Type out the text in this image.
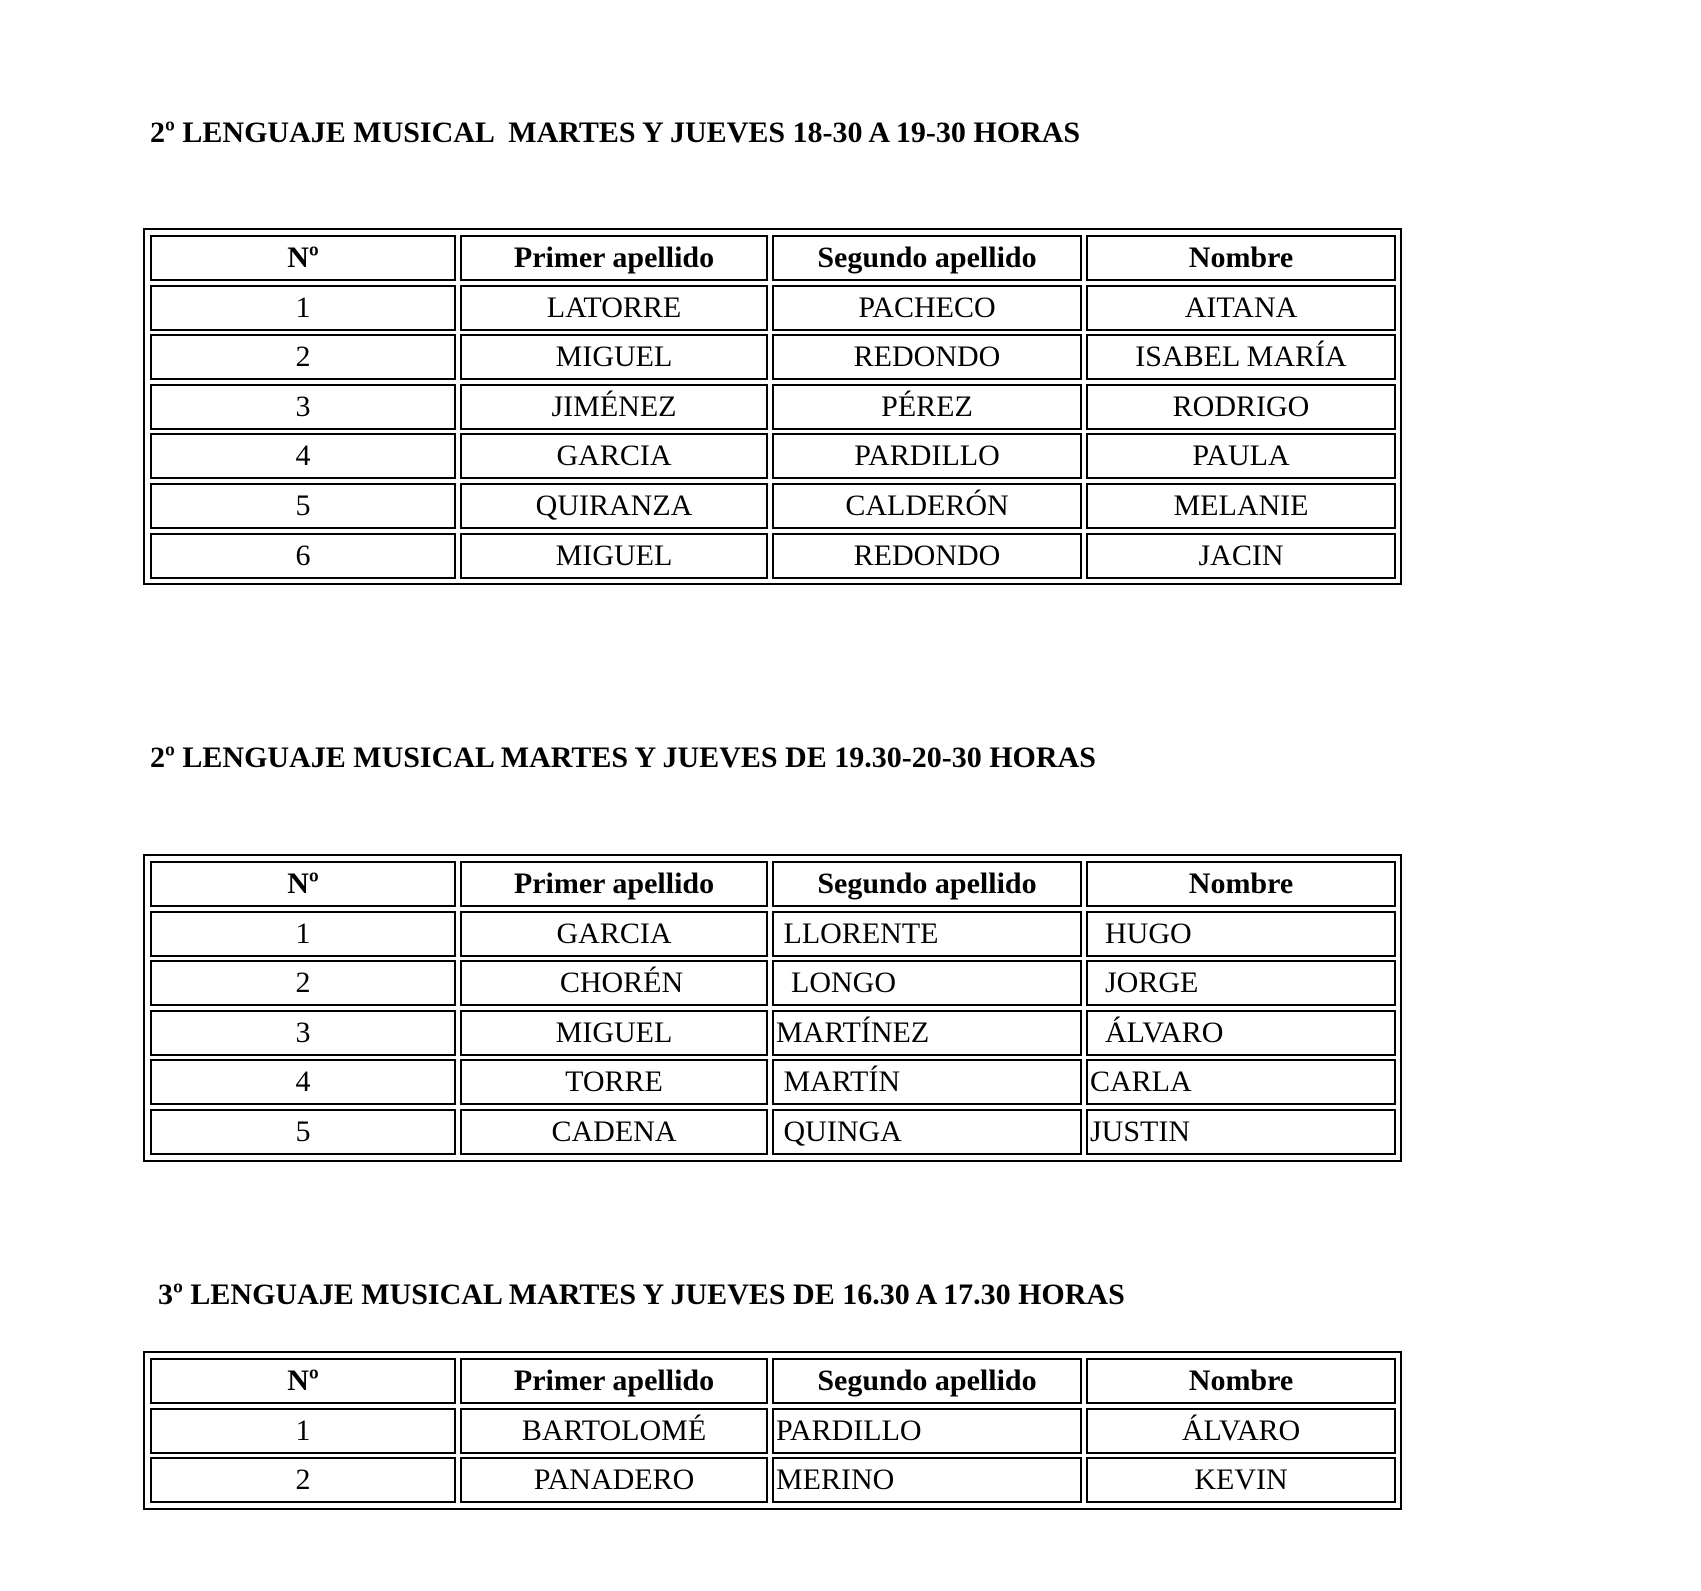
2º LENGUAJE MUSICAL  MARTES Y JUEVES 18-30 A 19-30 HORAS
Nº	Primer apellido	Segundo apellido	Nombre
1	LATORRE	PACHECO	AITANA
2	MIGUEL	REDONDO	ISABEL MARÍA
3	JIMÉNEZ	PÉREZ	RODRIGO
4	GARCIA	PARDILLO	PAULA
5	QUIRANZA	CALDERÓN	MELANIE
6	MIGUEL	REDONDO	JACIN
2º LENGUAJE MUSICAL MARTES Y JUEVES DE 19.30-20-30 HORAS
Nº	Primer apellido	Segundo apellido	Nombre
1	GARCIA	LLORENTE	HUGO
2	CHORÉN	LONGO	JORGE
3	MIGUEL	MARTÍNEZ	ÁLVARO
4	TORRE	MARTÍN	CARLA
5	CADENA	QUINGA	JUSTIN
3º LENGUAJE MUSICAL MARTES Y JUEVES DE 16.30 A 17.30 HORAS
Nº	Primer apellido	Segundo apellido	Nombre
1	BARTOLOMÉ	PARDILLO	ÁLVARO
2	PANADERO	MERINO	KEVIN
